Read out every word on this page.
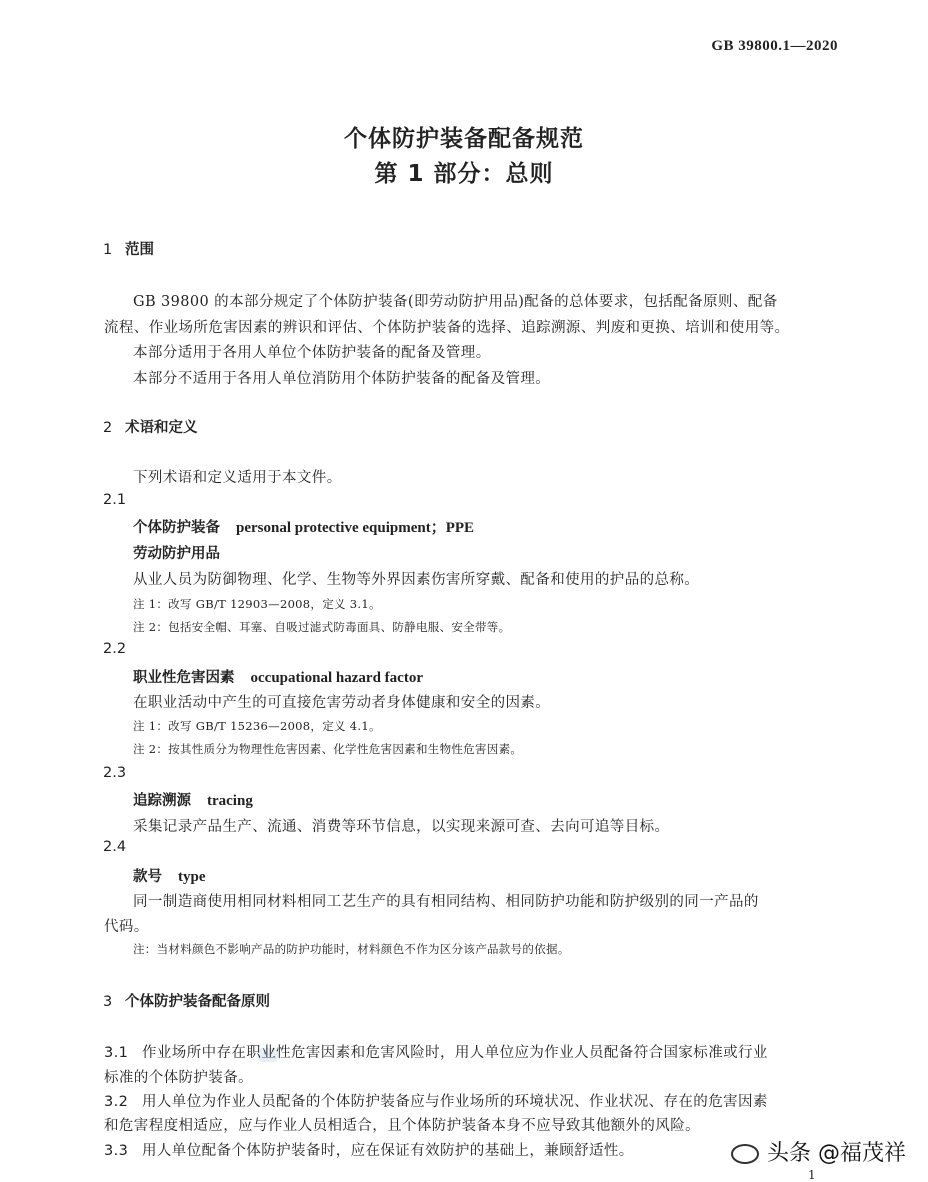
GB 39800.1—2020
个体防护装备配备规范
第 1 部分：总则
1 范围
GB 39800 的本部分规定了个体防护装备(即劳动防护用品)配备的总体要求，包括配备原则、配备
流程、作业场所危害因素的辨识和评估、个体防护装备的选择、追踪溯源、判废和更换、培训和使用等。
本部分适用于各用人单位个体防护装备的配备及管理。
本部分不适用于各用人单位消防用个体防护装备的配备及管理。
2 术语和定义
下列术语和定义适用于本文件。
2.1
个体防护装备 personal protective equipment；PPE
劳动防护用品
从业人员为防御物理、化学、生物等外界因素伤害所穿戴、配备和使用的护品的总称。
注 1：改写 GB/T 12903—2008，定义 3.1。
注 2：包括安全帽、耳塞、自吸过滤式防毒面具、防静电服、安全带等。
2.2
职业性危害因素 occupational hazard factor
在职业活动中产生的可直接危害劳动者身体健康和安全的因素。
注 1：改写 GB/T 15236—2008，定义 4.1。
注 2：按其性质分为物理性危害因素、化学性危害因素和生物性危害因素。
2.3
追踪溯源 tracing
采集记录产品生产、流通、消费等环节信息，以实现来源可查、去向可追等目标。
2.4
款号 type
同一制造商使用相同材料相同工艺生产的具有相同结构、相同防护功能和防护级别的同一产品的
代码。
注：当材料颜色不影响产品的防护功能时，材料颜色不作为区分该产品款号的依据。
3 个体防护装备配备原则
3.1 作业场所中存在职业性危害因素和危害风险时，用人单位应为作业人员配备符合国家标准或行业
标准的个体防护装备。
3.2 用人单位为作业人员配备的个体防护装备应与作业场所的环境状况、作业状况、存在的危害因素
和危害程度相适应，应与作业人员相适合，且个体防护装备本身不应导致其他额外的风险。
3.3 用人单位配备个体防护装备时，应在保证有效防护的基础上，兼顾舒适性。	头条 @福茂祥
1
